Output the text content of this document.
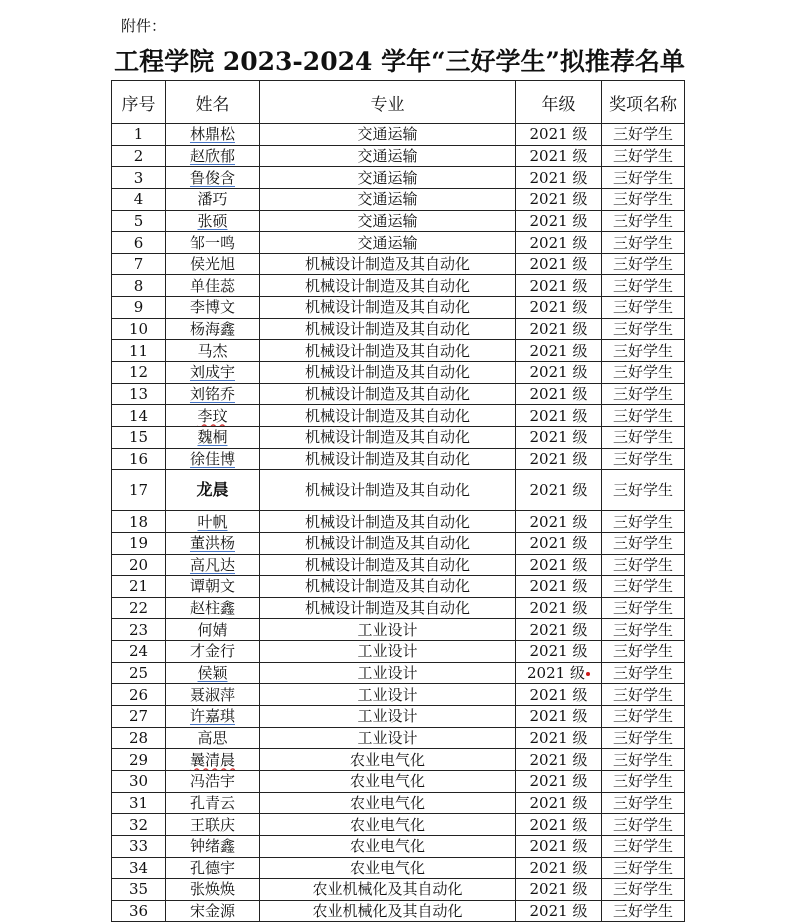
附件：
工程学院 2023-2024 学年“三好学生”拟推荐名单
序号	姓名	专业	年级	奖项名称
1	林鼎松	交通运输	2021 级	三好学生
2	赵欣郁	交通运输	2021 级	三好学生
3	鲁俊含	交通运输	2021 级	三好学生
4	潘巧	交通运输	2021 级	三好学生
5	张硕	交通运输	2021 级	三好学生
6	邹一鸣	交通运输	2021 级	三好学生
7	侯光旭	机械设计制造及其自动化	2021 级	三好学生
8	单佳蕊	机械设计制造及其自动化	2021 级	三好学生
9	李博文	机械设计制造及其自动化	2021 级	三好学生
10	杨海鑫	机械设计制造及其自动化	2021 级	三好学生
11	马杰	机械设计制造及其自动化	2021 级	三好学生
12	刘成宇	机械设计制造及其自动化	2021 级	三好学生
13	刘铭乔	机械设计制造及其自动化	2021 级	三好学生
14	李玟	机械设计制造及其自动化	2021 级	三好学生
15	魏桐	机械设计制造及其自动化	2021 级	三好学生
16	徐佳博	机械设计制造及其自动化	2021 级	三好学生
17	龙晨	机械设计制造及其自动化	2021 级	三好学生
18	叶帆	机械设计制造及其自动化	2021 级	三好学生
19	董洪杨	机械设计制造及其自动化	2021 级	三好学生
20	高凡达	机械设计制造及其自动化	2021 级	三好学生
21	谭朝文	机械设计制造及其自动化	2021 级	三好学生
22	赵柱鑫	机械设计制造及其自动化	2021 级	三好学生
23	何婧	工业设计	2021 级	三好学生
24	才金行	工业设计	2021 级	三好学生
25	侯颖	工业设计	2021 级	三好学生
26	聂淑萍	工业设计	2021 级	三好学生
27	许嘉琪	工业设计	2021 级	三好学生
28	高思	工业设计	2021 级	三好学生
29	曩清晨	农业电气化	2021 级	三好学生
30	冯浩宇	农业电气化	2021 级	三好学生
31	孔青云	农业电气化	2021 级	三好学生
32	王联庆	农业电气化	2021 级	三好学生
33	钟绪鑫	农业电气化	2021 级	三好学生
34	孔德宇	农业电气化	2021 级	三好学生
35	张焕焕	农业机械化及其自动化	2021 级	三好学生
36	宋金源	农业机械化及其自动化	2021 级	三好学生
